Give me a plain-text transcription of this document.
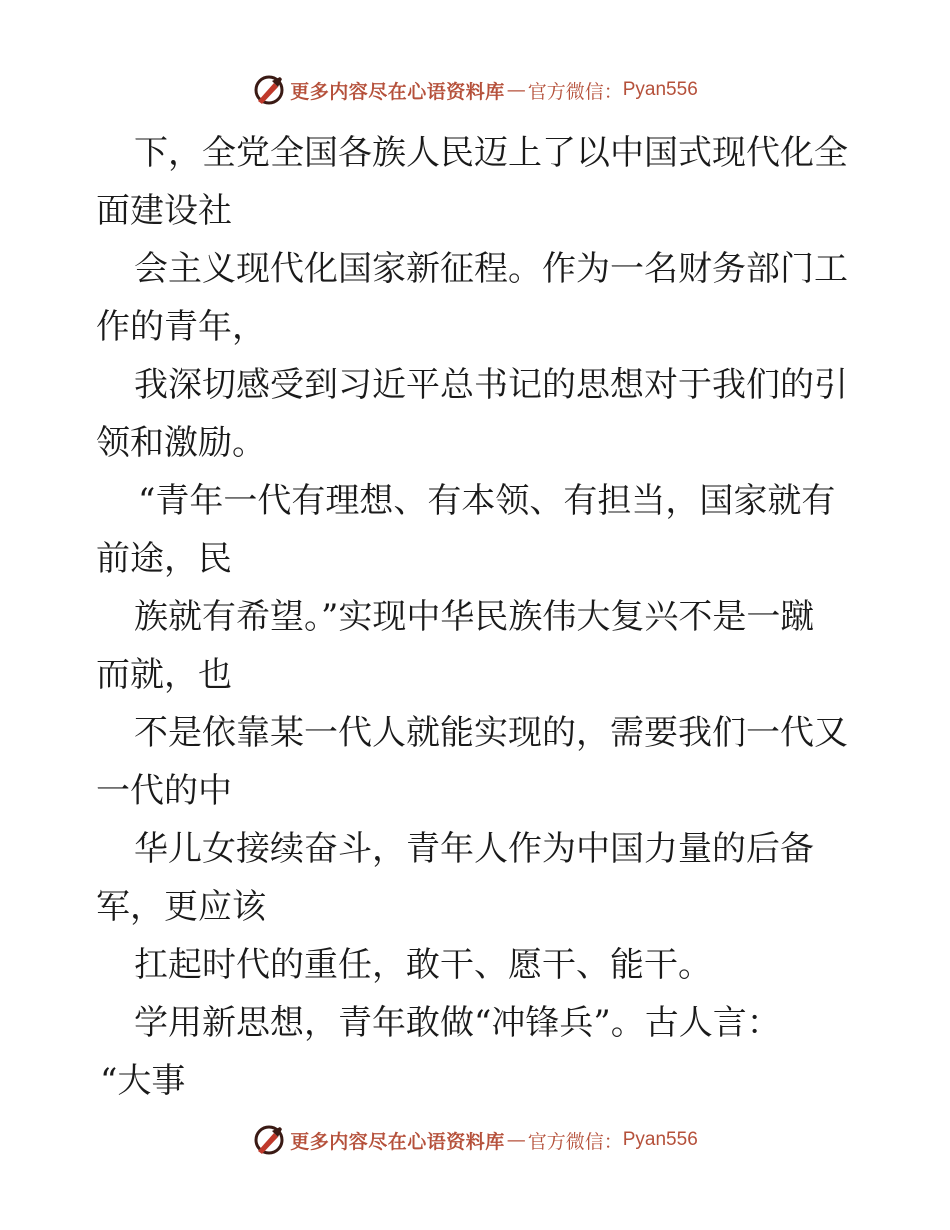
更多内容尽在心语资料库 — 官方微信： Pyan556
下，全党全国各族人民迈上了以中国式现代化全
面建设社
会主义现代化国家新征程。作为一名财务部门工
作的青年，
我深切感受到习近平总书记的思想对于我们的引
领和激励。
“青年一代有理想、有本领、有担当，国家就有
前途，民
族就有希望。”实现中华民族伟大复兴不是一蹴
而就，也
不是依靠某一代人就能实现的，需要我们一代又
一代的中
华儿女接续奋斗，青年人作为中国力量的后备
军，更应该
扛起时代的重任，敢干、愿干、能干。
学用新思想，青年敢做“冲锋兵”。古人言：
“大事
更多内容尽在心语资料库 — 官方微信： Pyan556
